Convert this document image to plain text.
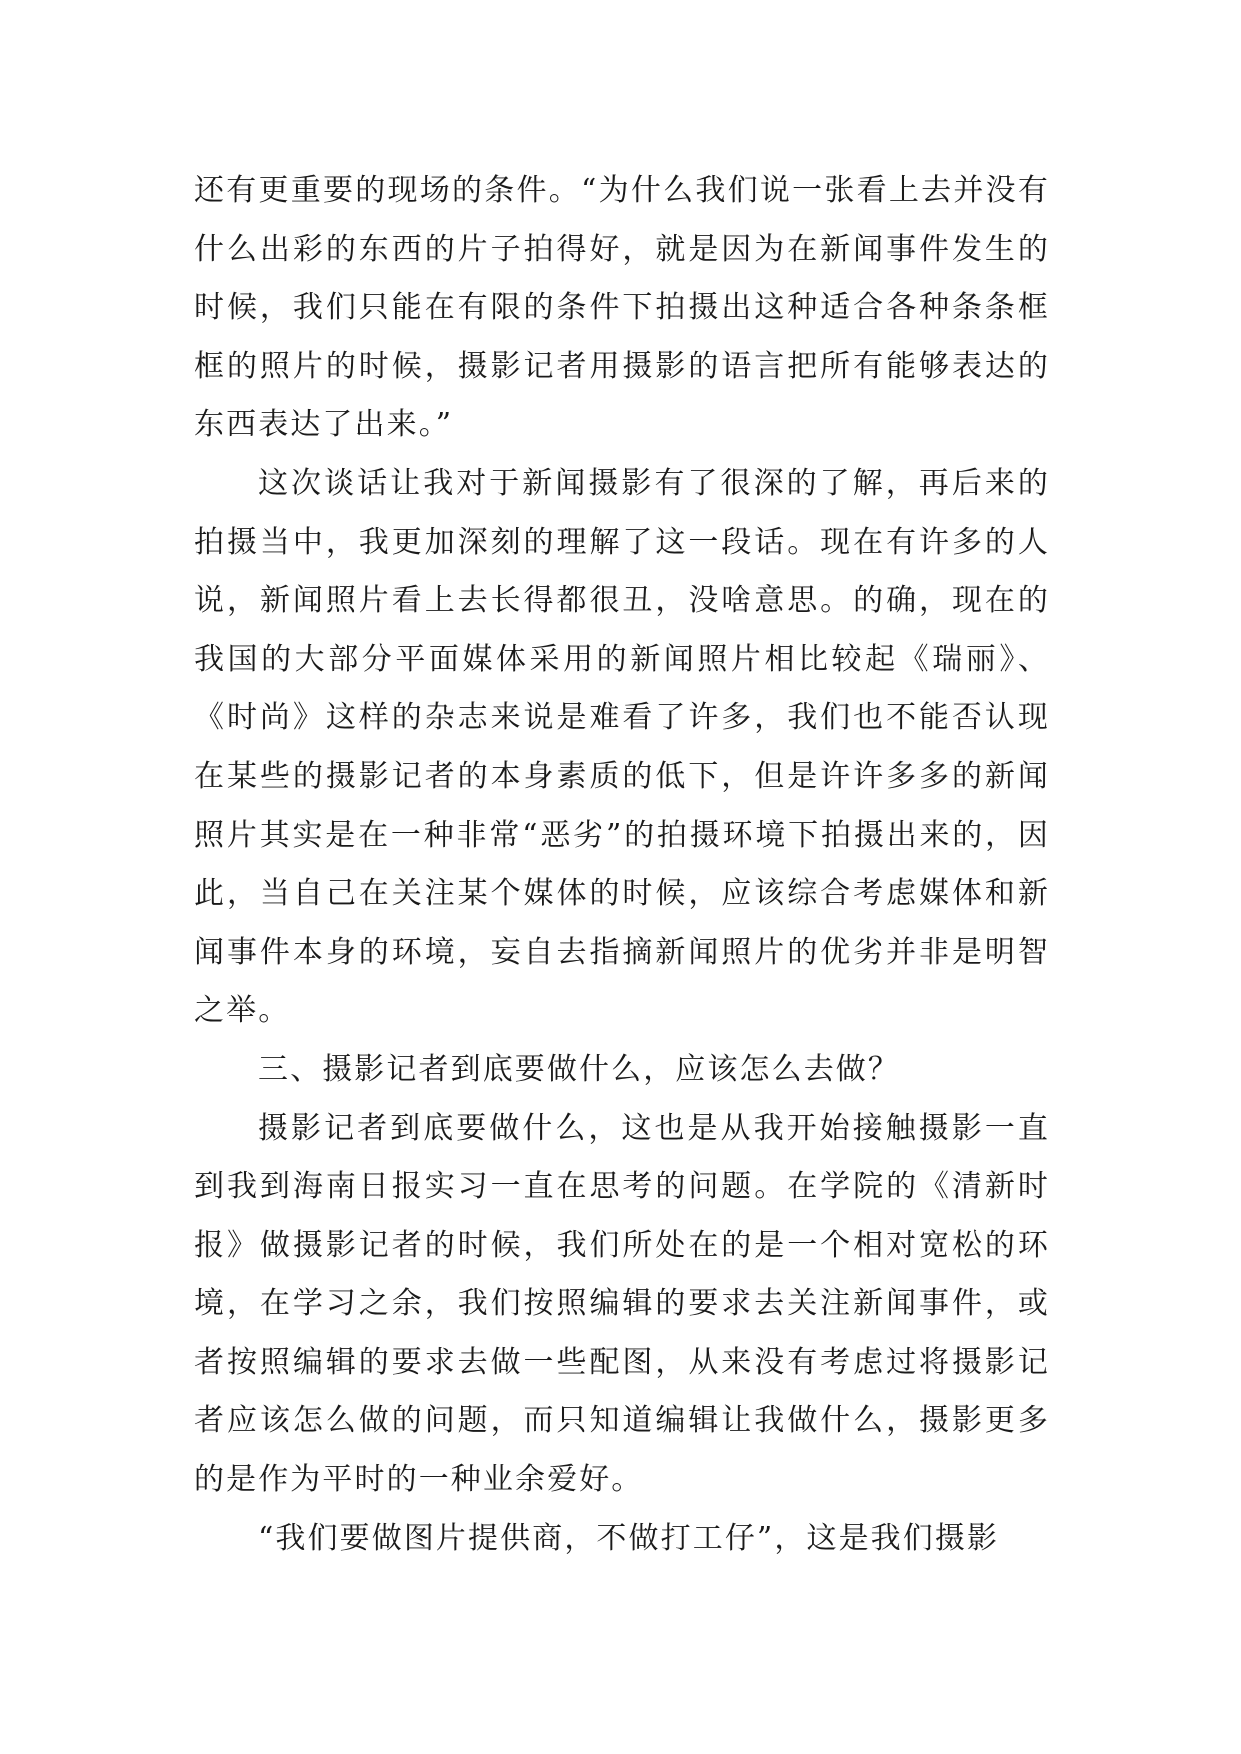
还有更重要的现场的条件。“为什么我们说一张看上去并没有什么出彩的东西的片子拍得好，就是因为在新闻事件发生的时候，我们只能在有限的条件下拍摄出这种适合各种条条框框的照片的时候，摄影记者用摄影的语言把所有能够表达的东西表达了出来。”

这次谈话让我对于新闻摄影有了很深的了解，再后来的拍摄当中，我更加深刻的理解了这一段话。现在有许多的人说，新闻照片看上去长得都很丑，没啥意思。的确，现在的我国的大部分平面媒体采用的新闻照片相比较起《瑞丽》、《时尚》这样的杂志来说是难看了许多，我们也不能否认现在某些的摄影记者的本身素质的低下，但是许许多多的新闻照片其实是在一种非常“恶劣”的拍摄环境下拍摄出来的，因此，当自己在关注某个媒体的时候，应该综合考虑媒体和新闻事件本身的环境，妄自去指摘新闻照片的优劣并非是明智之举。

三、摄影记者到底要做什么，应该怎么去做？

摄影记者到底要做什么，这也是从我开始接触摄影一直到我到海南日报实习一直在思考的问题。在学院的《清新时报》做摄影记者的时候，我们所处在的是一个相对宽松的环境，在学习之余，我们按照编辑的要求去关注新闻事件，或者按照编辑的要求去做一些配图，从来没有考虑过将摄影记者应该怎么做的问题，而只知道编辑让我做什么，摄影更多的是作为平时的一种业余爱好。

“我们要做图片提供商，不做打工仔”，这是我们摄影
